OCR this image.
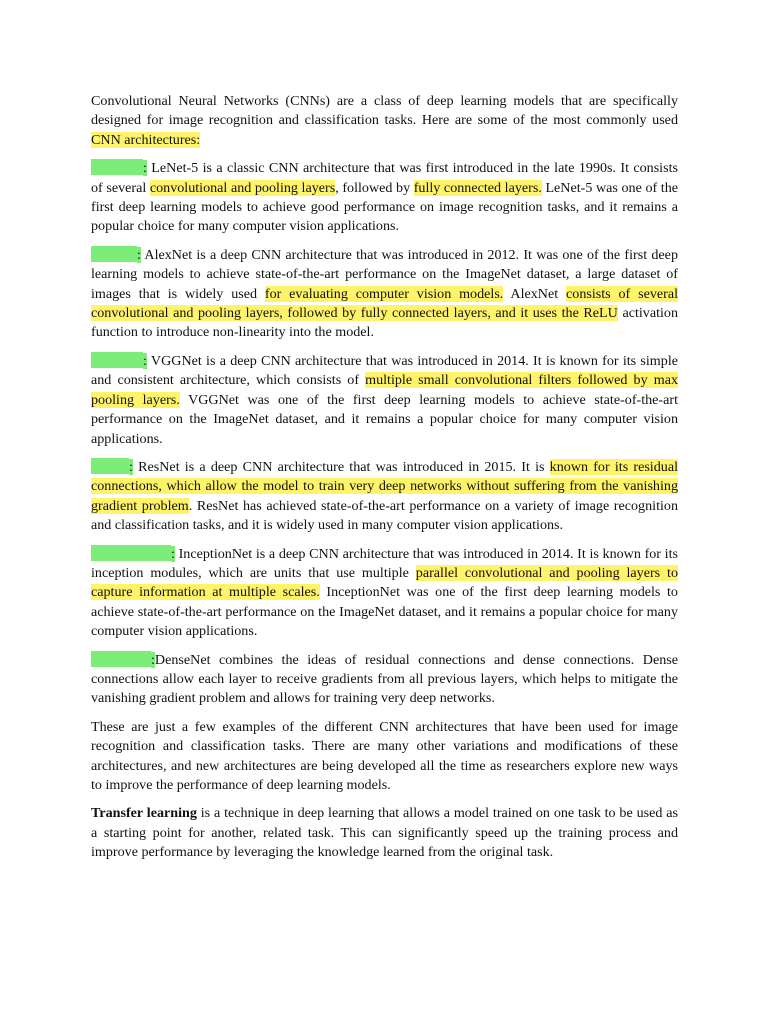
Convolutional Neural Networks (CNNs) are a class of deep learning models that are specifically designed for image recognition and classification tasks. Here are some of the most commonly used CNN architectures:

: LeNet-5 is a classic CNN architecture that was first introduced in the late 1990s. It consists of several convolutional and pooling layers, followed by fully connected layers. LeNet-5 was one of the first deep learning models to achieve good performance on image recognition tasks, and it remains a popular choice for many computer vision applications.

: AlexNet is a deep CNN architecture that was introduced in 2012. It was one of the first deep learning models to achieve state-of-the-art performance on the ImageNet dataset, a large dataset of images that is widely used for evaluating computer vision models. AlexNet consists of several convolutional and pooling layers, followed by fully connected layers, and it uses the ReLU activation function to introduce non-linearity into the model.

: VGGNet is a deep CNN architecture that was introduced in 2014. It is known for its simple and consistent architecture, which consists of multiple small convolutional filters followed by max pooling layers. VGGNet was one of the first deep learning models to achieve state-of-the-art performance on the ImageNet dataset, and it remains a popular choice for many computer vision applications.

: ResNet is a deep CNN architecture that was introduced in 2015. It is known for its residual connections, which allow the model to train very deep networks without suffering from the vanishing gradient problem. ResNet has achieved state-of-the-art performance on a variety of image recognition and classification tasks, and it is widely used in many computer vision applications.

: InceptionNet is a deep CNN architecture that was introduced in 2014. It is known for its inception modules, which are units that use multiple parallel convolutional and pooling layers to capture information at multiple scales. InceptionNet was one of the first deep learning models to achieve state-of-the-art performance on the ImageNet dataset, and it remains a popular choice for many computer vision applications.

:DenseNet combines the ideas of residual connections and dense connections. Dense connections allow each layer to receive gradients from all previous layers, which helps to mitigate the vanishing gradient problem and allows for training very deep networks.

These are just a few examples of the different CNN architectures that have been used for image recognition and classification tasks. There are many other variations and modifications of these architectures, and new architectures are being developed all the time as researchers explore new ways to improve the performance of deep learning models.

Transfer learning is a technique in deep learning that allows a model trained on one task to be used as a starting point for another, related task. This can significantly speed up the training process and improve performance by leveraging the knowledge learned from the original task.
